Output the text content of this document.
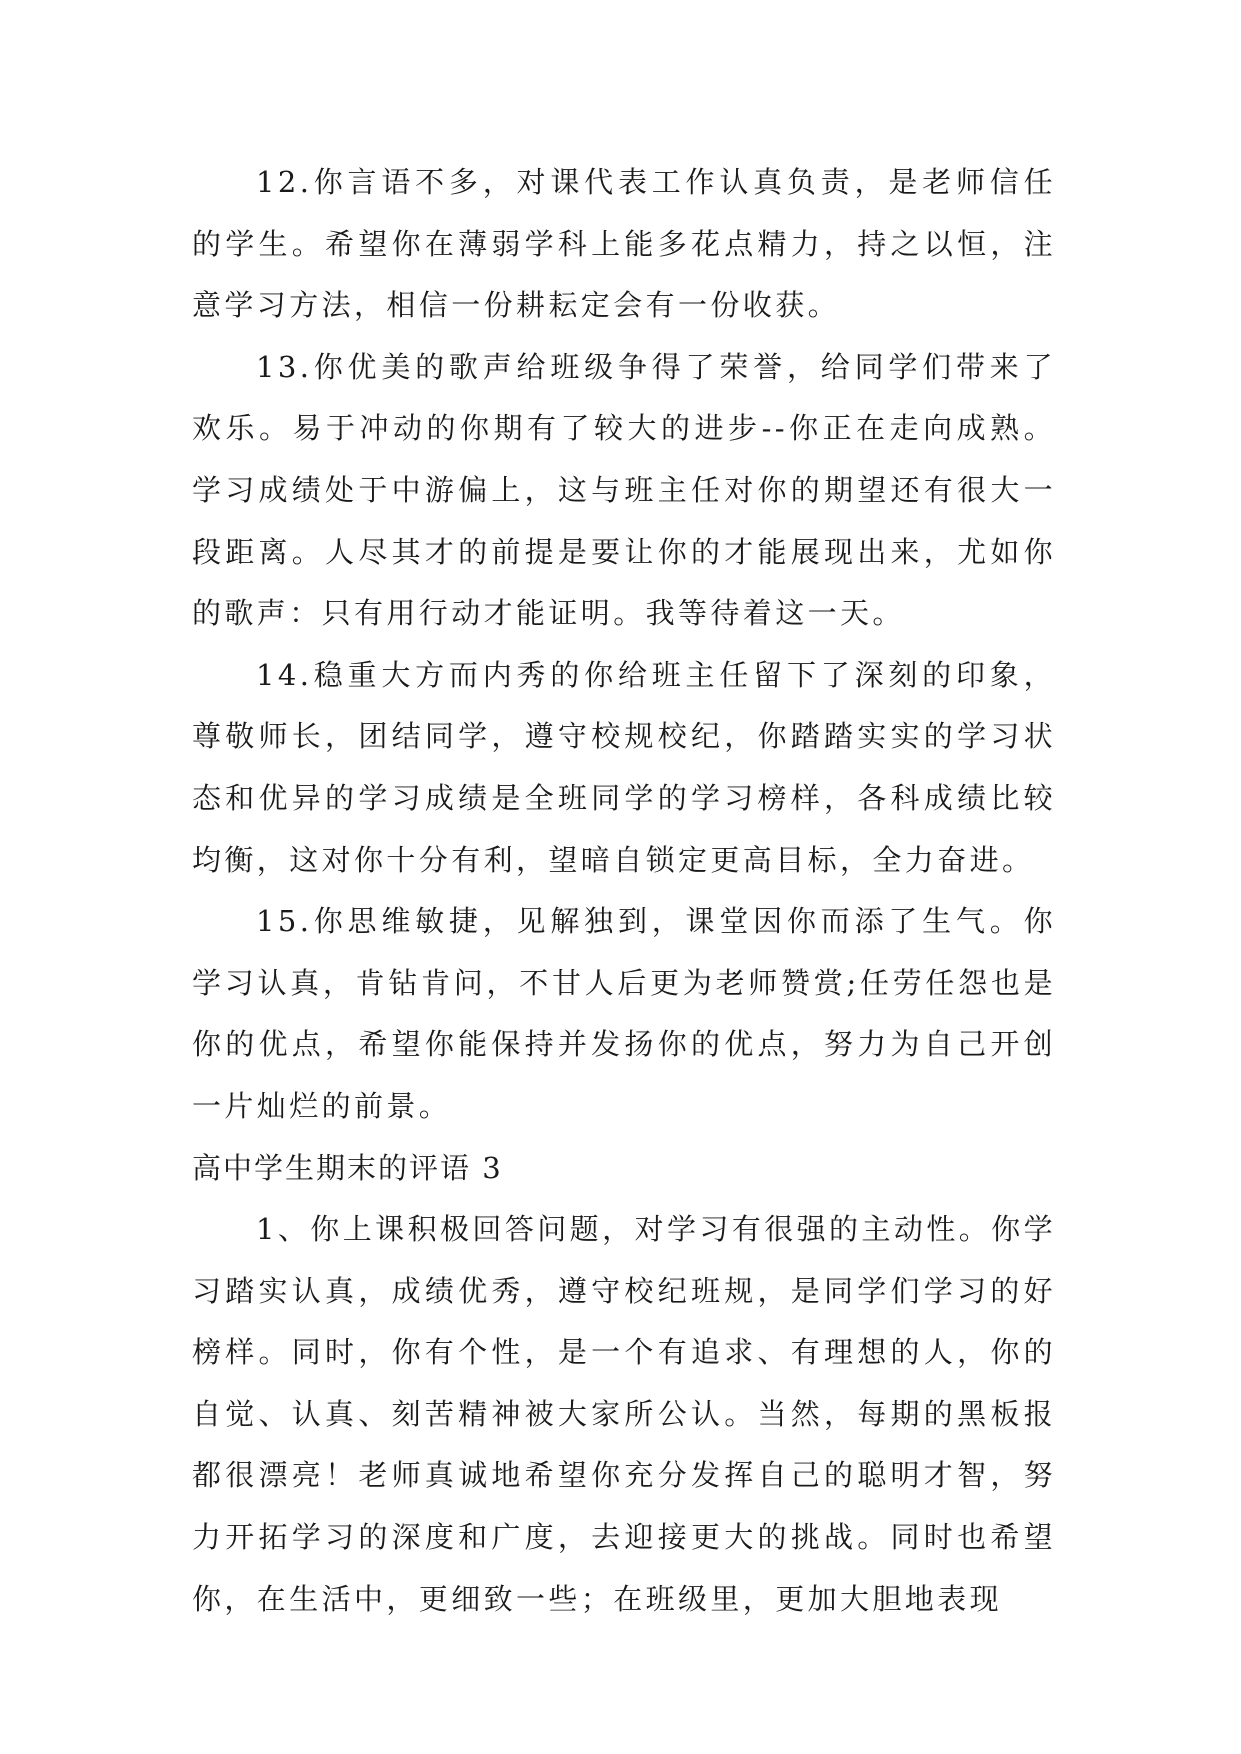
12.你言语不多，对课代表工作认真负责，是老师信任的学生。希望你在薄弱学科上能多花点精力，持之以恒，注意学习方法，相信一份耕耘定会有一份收获。

13.你优美的歌声给班级争得了荣誉，给同学们带来了欢乐。易于冲动的你期有了较大的进步--你正在走向成熟。学习成绩处于中游偏上，这与班主任对你的期望还有很大一段距离。人尽其才的前提是要让你的才能展现出来，尤如你的歌声：只有用行动才能证明。我等待着这一天。

14.稳重大方而内秀的你给班主任留下了深刻的印象，尊敬师长，团结同学，遵守校规校纪，你踏踏实实的学习状态和优异的学习成绩是全班同学的学习榜样，各科成绩比较均衡，这对你十分有利，望暗自锁定更高目标，全力奋进。

15.你思维敏捷，见解独到，课堂因你而添了生气。你学习认真，肯钻肯问，不甘人后更为老师赞赏;任劳任怨也是你的优点，希望你能保持并发扬你的优点，努力为自己开创一片灿烂的前景。

高中学生期末的评语 3

1、你上课积极回答问题，对学习有很强的主动性。你学习踏实认真，成绩优秀，遵守校纪班规，是同学们学习的好榜样。同时，你有个性，是一个有追求、有理想的人，你的自觉、认真、刻苦精神被大家所公认。当然，每期的黑板报都很漂亮！老师真诚地希望你充分发挥自己的聪明才智，努力开拓学习的深度和广度，去迎接更大的挑战。同时也希望你，在生活中，更细致一些；在班级里，更加大胆地表现
